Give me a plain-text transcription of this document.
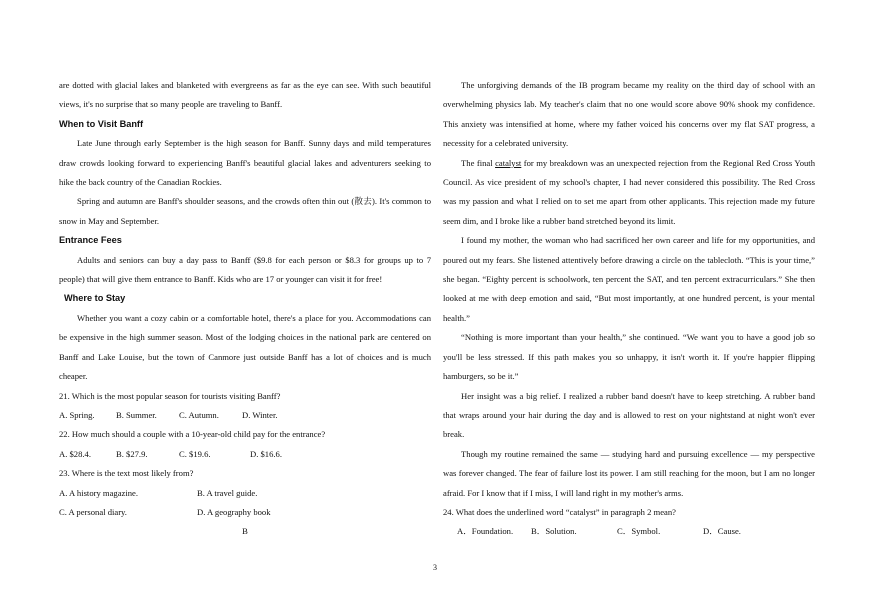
are dotted with glacial lakes and blanketed with evergreens as far as the eye can see. With such beautiful views, it's no surprise that so many people are traveling to Banff.

When to Visit Banff

Late June through early September is the high season for Banff. Sunny days and mild temperatures draw crowds looking forward to experiencing Banff's beautiful glacial lakes and adventurers seeking to hike the back country of the Canadian Rockies.

Spring and autumn are Banff's shoulder seasons, and the crowds often thin out (散去). It's common to snow in May and September.

Entrance Fees

Adults and seniors can buy a day pass to Banff ($9.8 for each person or $8.3 for groups up to 7 people) that will give them entrance to Banff. Kids who are 17 or younger can visit it for free!

Where to Stay

Whether you want a cozy cabin or a comfortable hotel, there's a place for you. Accommodations can be expensive in the high summer season. Most of the lodging choices in the national park are centered on Banff and Lake Louise, but the town of Canmore just outside Banff has a lot of choices and is much cheaper.

21. Which is the most popular season for tourists visiting Banff?

A. Spring.	B. Summer.	C. Autumn.	D. Winter.

22. How much should a couple with a 10-year-old child pay for the entrance?

A. $28.4.	B. $27.9.	C. $19.6.	D. $16.6.

23. Where is the text most likely from?

A. A history magazine.	B. A travel guide.
C. A personal diary.	D. A geography book

B

The unforgiving demands of the IB program became my reality on the third day of school with an overwhelming physics lab. My teacher's claim that no one would score above 90% shook my confidence. This anxiety was intensified at home, where my father voiced his concerns over my flat SAT progress, a necessity for a celebrated university.

The final catalyst for my breakdown was an unexpected rejection from the Regional Red Cross Youth Council. As vice president of my school's chapter, I had never considered this possibility. The Red Cross was my passion and what I relied on to set me apart from other applicants. This rejection made my future seem dim, and I broke like a rubber band stretched beyond its limit.

I found my mother, the woman who had sacrificed her own career and life for my opportunities, and poured out my fears. She listened attentively before drawing a circle on the tablecloth. “This is your time,” she began. “Eighty percent is schoolwork, ten percent the SAT, and ten percent extracurriculars.” She then looked at me with deep emotion and said, “But most importantly, at one hundred percent, is your mental health.”

“Nothing is more important than your health,” she continued. “We want you to have a good job so you'll be less stressed. If this path makes you so unhappy, it isn't worth it. If you're happier flipping hamburgers, so be it.”

Her insight was a big relief. I realized a rubber band doesn't have to keep stretching. A rubber band that wraps around your hair during the day and is allowed to rest on your nightstand at night won't ever break.

Though my routine remained the same — studying hard and pursuing excellence — my perspective was forever changed. The fear of failure lost its power. I am still reaching for the moon, but I am no longer afraid. For I know that if I miss, I will land right in my mother's arms.

24. What does the underlined word “catalyst” in paragraph 2 mean?

A．Foundation.	B．Solution.	C．Symbol.	D．Cause.
3
